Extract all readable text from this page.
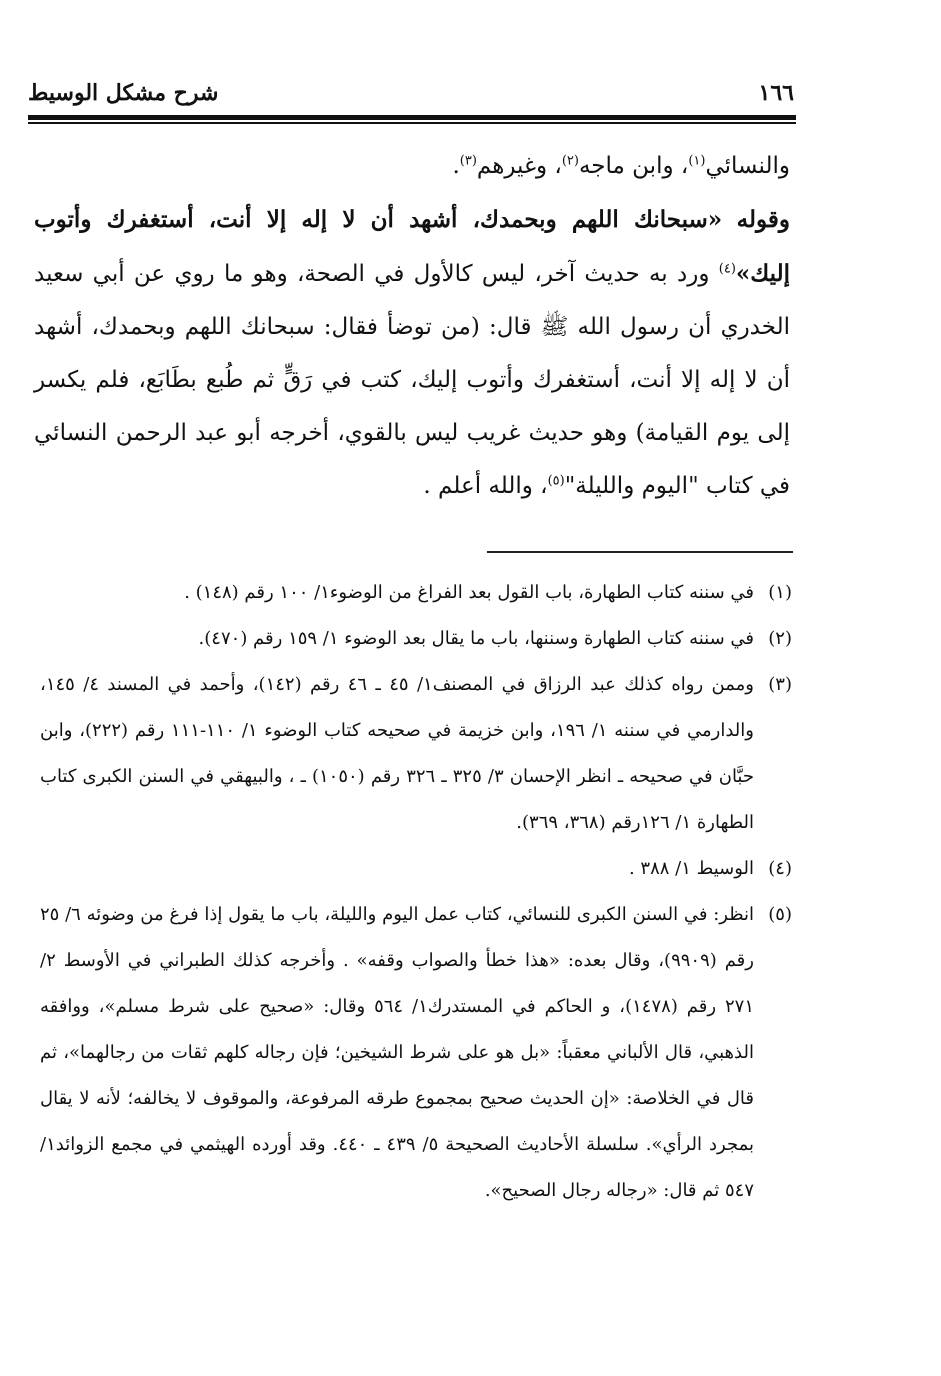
١٦٦
شرح مشكل الوسيط

والنسائي$^{(١)}$، وابن ماجه$^{(٢)}$، وغيرهم$^{(٣)}$.

وقوله «سبحانك اللهم وبحمدك، أشهد أن لا إله إلا أنت، أستغفرك وأتوب إليك»$^{(٤)}$ ورد به حديث آخر، ليس كالأول في الصحة، وهو ما روي عن أبي سعيد الخدري أن رسول الله ﷺ قال: (من توضأ فقال: سبحانك اللهم وبحمدك، أشهد أن لا إله إلا أنت، أستغفرك وأتوب إليك، كتب في رَقٍّ ثم طُبع بطَابَع، فلم يكسر إلى يوم القيامة) وهو حديث غريب ليس بالقوي، أخرجه أبو عبد الرحمن النسائي في كتاب "اليوم والليلة"$^{(٥)}$، والله أعلم .

(١)
في سننه كتاب الطهارة، باب القول بعد الفراغ من الوضوء١/ ١٠٠ رقم (١٤٨) .

(٢)
في سننه كتاب الطهارة وسننها، باب ما يقال بعد الوضوء ١/ ١٥٩ رقم (٤٧٠).

(٣)
وممن رواه كذلك عبد الرزاق في المصنف١/ ٤٥ ـ ٤٦ رقم (١٤٢)، وأحمد في المسند ٤/ ١٤٥، والدارمي في سننه ١/ ١٩٦، وابن خزيمة في صحيحه كتاب الوضوء ١/ ١١٠-١١١ رقم (٢٢٢)، وابن حبَّان في صحيحه ـ انظر الإحسان ٣/ ٣٢٥ ـ ٣٢٦ رقم (١٠٥٠) ـ ، والبيهقي في السنن الكبرى كتاب الطهارة ١/ ١٢٦رقم (٣٦٨، ٣٦٩).

(٤)
الوسيط ١/ ٣٨٨ .

(٥)
انظر: في السنن الكبرى للنسائي، كتاب عمل اليوم والليلة، باب ما يقول إذا فرغ من وضوئه ٦/ ٢٥ رقم (٩٩٠٩)، وقال بعده: «هذا خطأ والصواب وقفه» . وأخرجه كذلك الطبراني في الأوسط ٢/ ٢٧١ رقم (١٤٧٨)، و الحاكم في المستدرك١/ ٥٦٤ وقال: «صحيح على شرط مسلم»، ووافقه الذهبي، قال الألباني معقباً: «بل هو على شرط الشيخين؛ فإن رجاله كلهم ثقات من رجالهما»، ثم قال في الخلاصة: «إن الحديث صحيح بمجموع طرقه المرفوعة، والموقوف لا يخالفه؛ لأنه لا يقال بمجرد الرأي». سلسلة الأحاديث الصحيحة ٥/ ٤٣٩ ـ ٤٤٠. وقد أورده الهيثمي في مجمع الزوائد١/ ٥٤٧ ثم قال: «رجاله رجال الصحيح».
